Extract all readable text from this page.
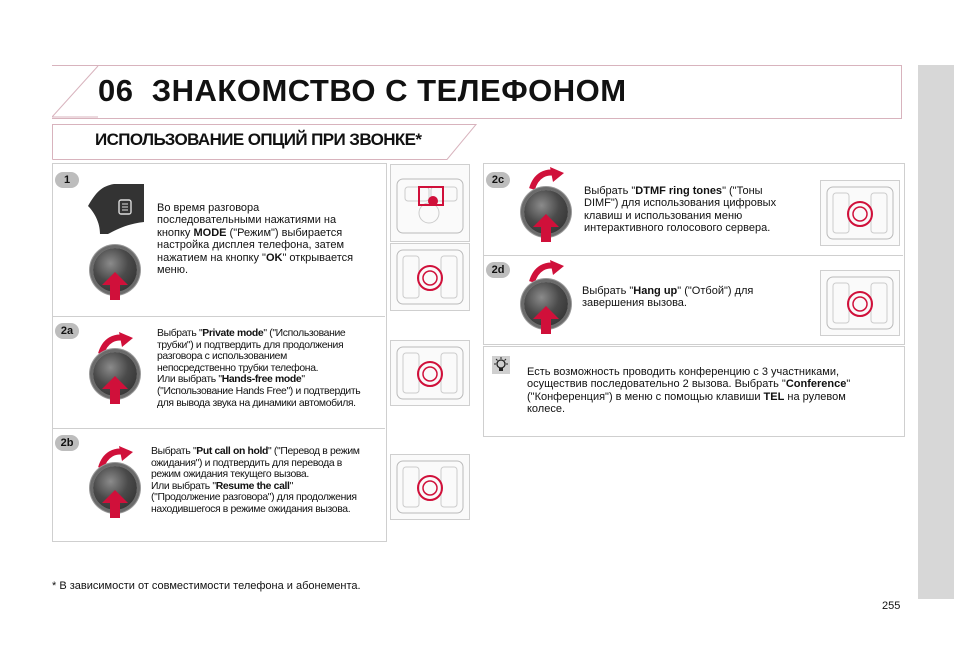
06 ЗНАКОМСТВО С ТЕЛЕФОНОМ
ИСПОЛЬЗОВАНИЕ ОПЦИЙ ПРИ ЗВОНКЕ*
1
Во время разговора
последовательными нажатиями на
кнопку MODE ("Режим") выбирается
настройка дисплея телефона, затем
нажатием на кнопку "OK" открывается
меню.
2a	Выбрать "Private mode" ("Использование
трубки") и подтвердить для продолжения
разговора с использованием
непосредственно трубки телефона.
Или выбрать "Hands-free mode"
("Использование Hands Free") и подтвердить
для вывода звука на динамики автомобиля.
2b
Выбрать "Put call on hold" ("Перевод в режим
ожидания") и подтвердить для перевода в
режим ожидания текущего вызова.
Или выбрать "Resume the call"
("Продолжение разговора") для продолжения
находившегося в режиме ожидания вызова.
2c
Выбрать "DTMF ring tones" ("Тоны
DIMF") для использования цифровых
клавиш и использования меню
интерактивного голосового сервера.
2d
Выбрать "Hang up" ("Отбой") для
завершения вызова.
Есть возможность проводить конференцию с 3 участниками,
осуществив последовательно 2 вызова. Выбрать "Conference"
("Конференция") в меню с помощью клавиши TEL на рулевом
колесе.
* В зависимости от совместимости телефона и абонемента.
255
